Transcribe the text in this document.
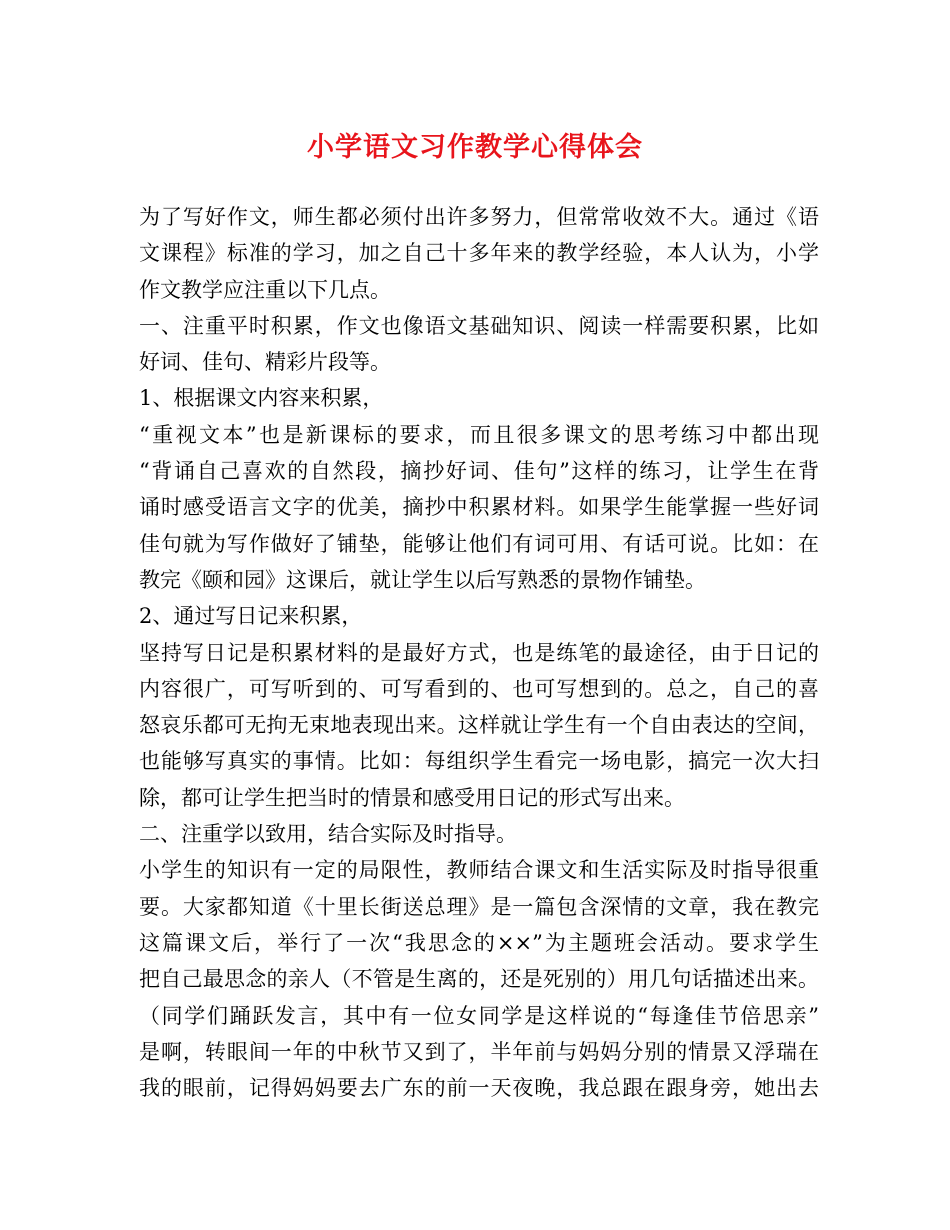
小学语文习作教学心得体会
为了写好作文，师生都必须付出许多努力，但常常收效不大。通过《语
文课程》标准的学习，加之自己十多年来的教学经验，本人认为，小学
作文教学应注重以下几点。
一、注重平时积累，作文也像语文基础知识、阅读一样需要积累，比如
好词、佳句、精彩片段等。
1、根据课文内容来积累，
“重视文本”也是新课标的要求，而且很多课文的思考练习中都出现
“背诵自己喜欢的自然段，摘抄好词、佳句”这样的练习，让学生在背
诵时感受语言文字的优美，摘抄中积累材料。如果学生能掌握一些好词
佳句就为写作做好了铺垫，能够让他们有词可用、有话可说。比如：在
教完《颐和园》这课后，就让学生以后写熟悉的景物作铺垫。
2、通过写日记来积累，
坚持写日记是积累材料的是最好方式，也是练笔的最途径，由于日记的
内容很广，可写听到的、可写看到的、也可写想到的。总之，自己的喜
怒哀乐都可无拘无束地表现出来。这样就让学生有一个自由表达的空间，
也能够写真实的事情。比如：每组织学生看完一场电影，搞完一次大扫
除，都可让学生把当时的情景和感受用日记的形式写出来。
二、注重学以致用，结合实际及时指导。
小学生的知识有一定的局限性，教师结合课文和生活实际及时指导很重
要。大家都知道《十里长街送总理》是一篇包含深情的文章，我在教完
这篇课文后，举行了一次“我思念的××”为主题班会活动。要求学生
把自己最思念的亲人（不管是生离的，还是死别的）用几句话描述出来。
（同学们踊跃发言，其中有一位女同学是这样说的“每逢佳节倍思亲”
是啊，转眼间一年的中秋节又到了，半年前与妈妈分别的情景又浮瑞在
我的眼前，记得妈妈要去广东的前一天夜晚，我总跟在跟身旁，她出去
